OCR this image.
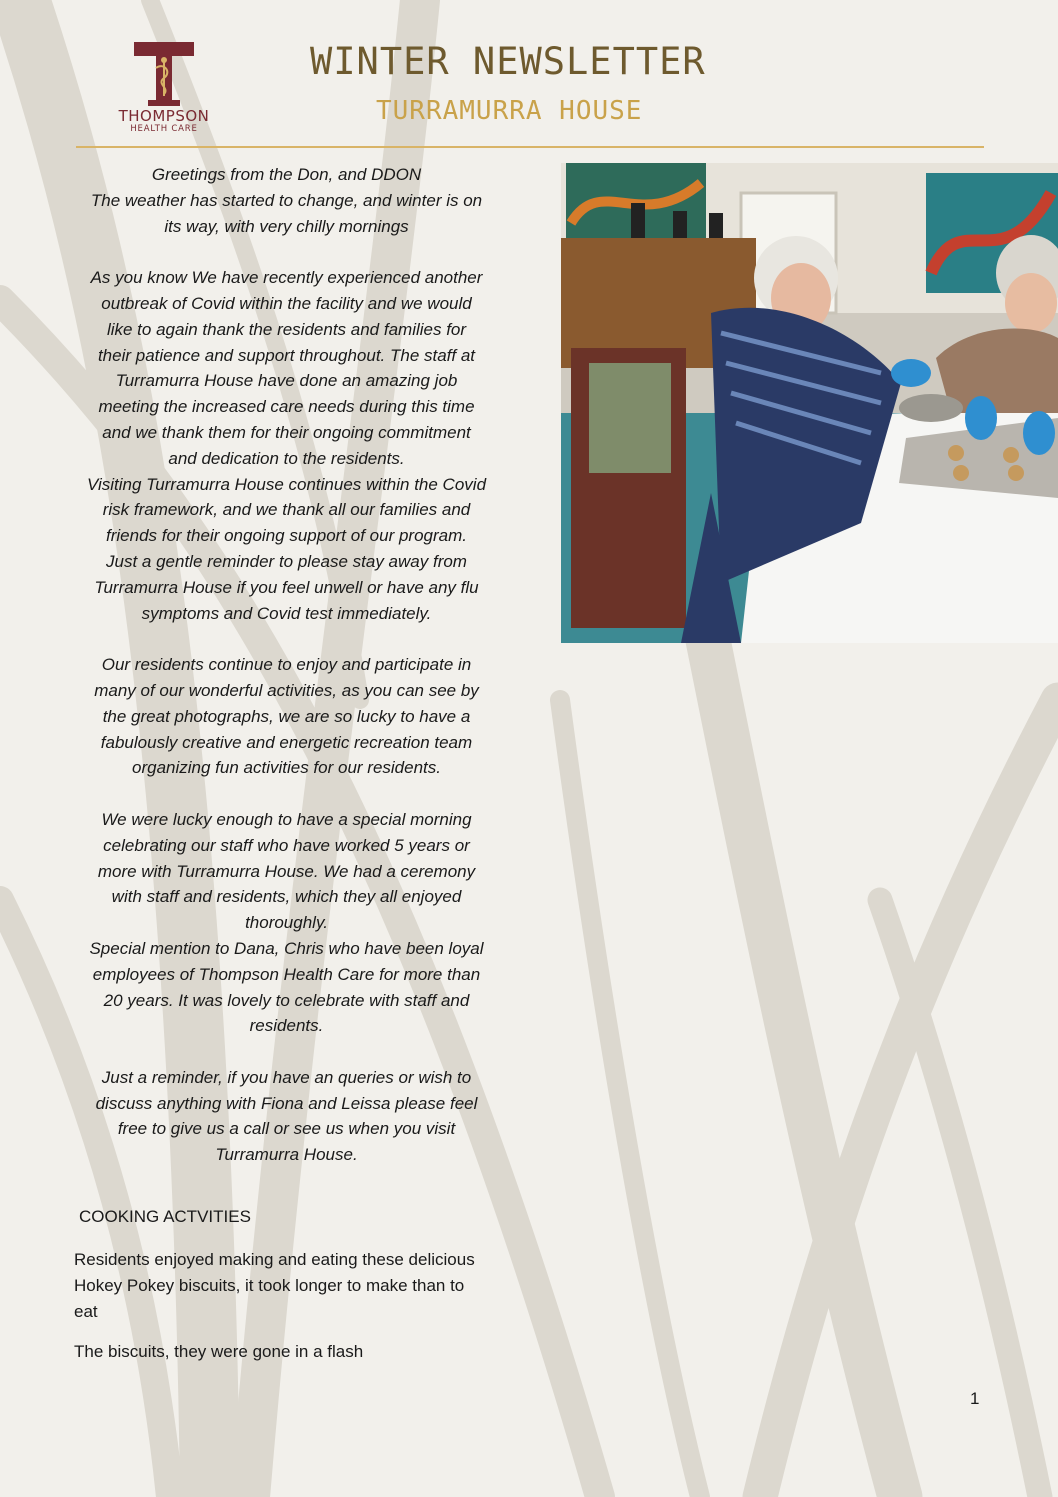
THOMPSON
HEALTH CARE
WINTER NEWSLETTER
TURRAMURRA HOUSE

Greetings from the Don, and DDON

The weather has started to change, and winter is on

its way, with very chilly mornings

As you know We have recently experienced another

outbreak of Covid within the facility and we would

like to again thank the residents and families for

their patience and support throughout. The staff at

Turramurra House have done an amazing job

meeting the increased care needs during this time

and we thank them for their ongoing commitment

and dedication to the residents.

Visiting Turramurra House continues within the Covid

risk framework, and we thank all our families and

friends for their ongoing support of our program.

Just a gentle reminder to please stay away from

Turramurra House if you feel unwell or have any flu

symptoms and Covid test immediately.

Our residents continue to enjoy and participate in

many of our wonderful activities, as you can see by

the great photographs, we are so lucky to have a

fabulously creative and energetic recreation team

organizing fun activities for our residents.

We were lucky enough to have a special morning

celebrating our staff who have worked 5 years or

more with Turramurra House. We had a ceremony

with staff and residents, which they all enjoyed

thoroughly.

Special mention to Dana, Chris who have been loyal

employees of Thompson Health Care for more than

20 years. It was lovely to celebrate with staff and

residents.

Just a reminder, if you have an queries or wish to

discuss anything with Fiona and Leissa please feel

free to give us a call or see us when you visit

Turramurra House.

COOKING ACTVITIES

Residents enjoyed making and eating these delicious

Hokey Pokey biscuits, it took longer to make than to

eat

The biscuits, they were gone in a flash

1
